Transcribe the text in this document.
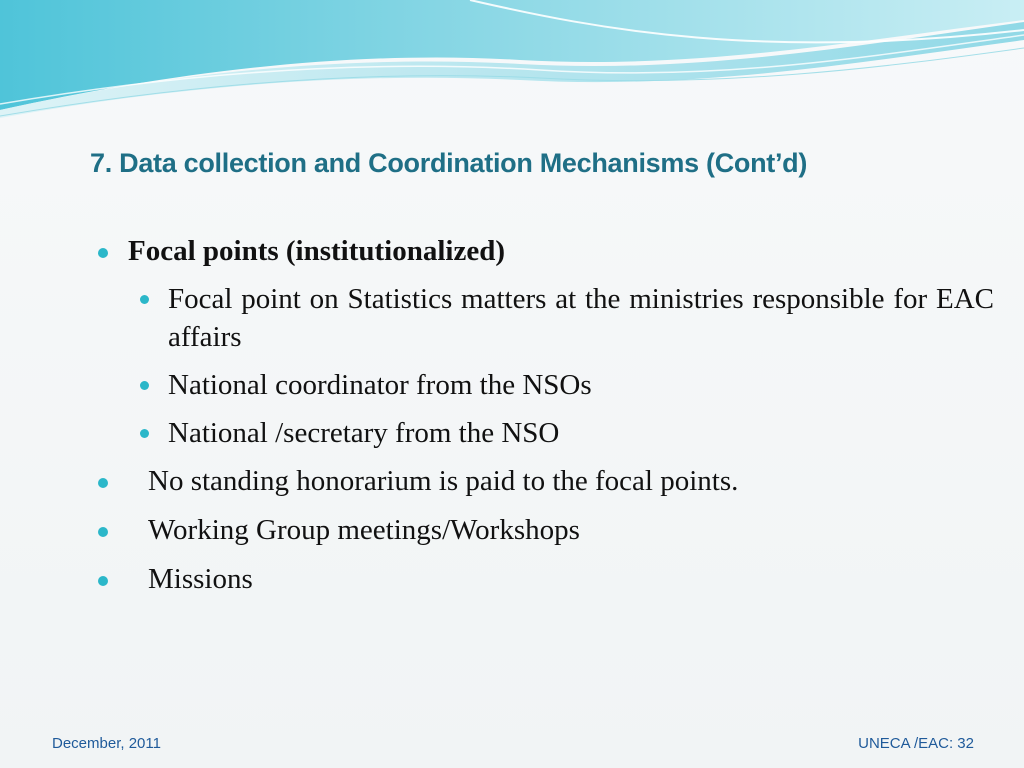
7. Data collection and Coordination Mechanisms (Cont’d)
Focal points (institutionalized)
Focal point on Statistics matters at the ministries responsible for EAC affairs
National coordinator from the NSOs
National /secretary from the NSO
No standing honorarium is paid to the focal points.
Working Group meetings/Workshops
Missions
December, 2011	UNECA /EAC: 32
